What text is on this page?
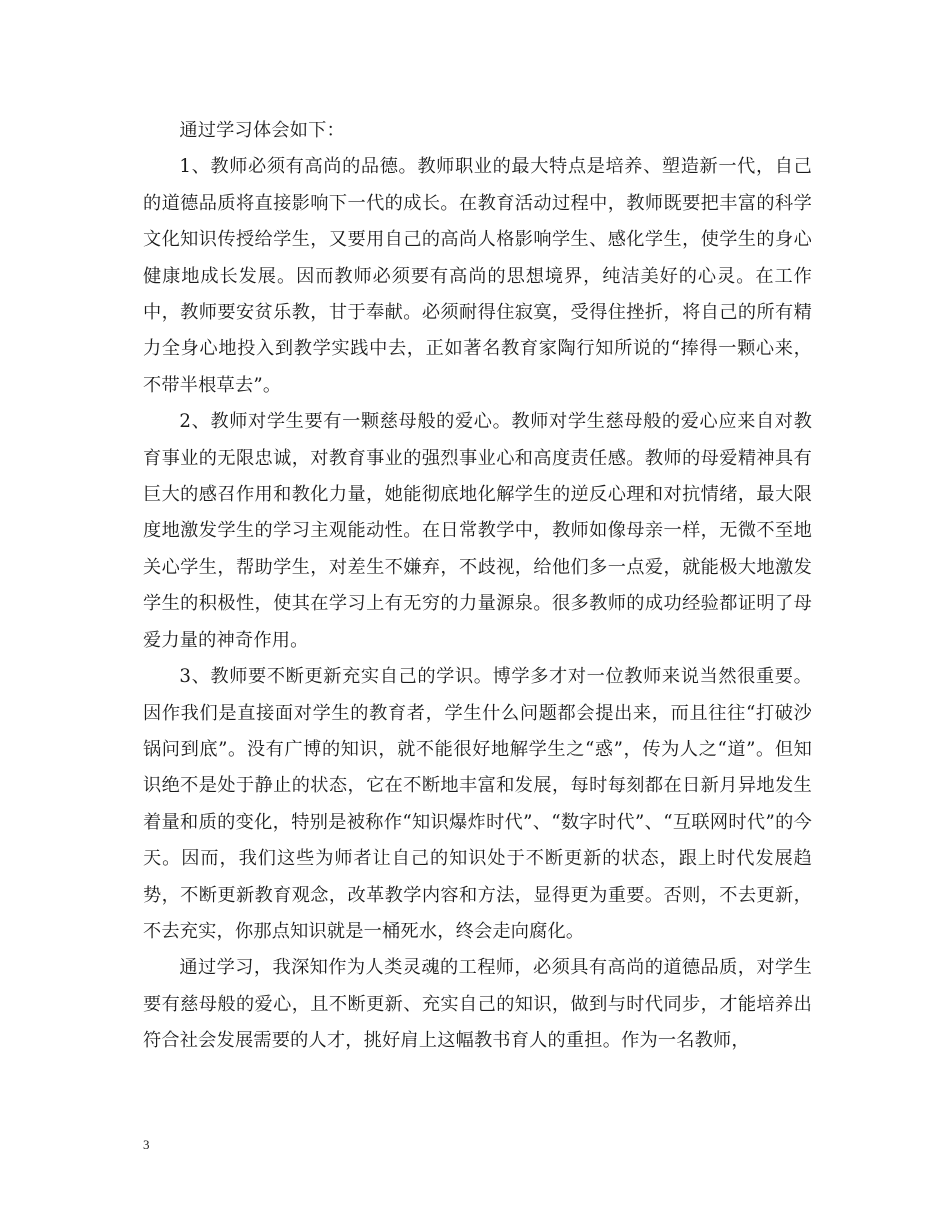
通过学习体会如下：

1、教师必须有高尚的品德。教师职业的最大特点是培养、塑造新一代，自己的道德品质将直接影响下一代的成长。在教育活动过程中，教师既要把丰富的科学文化知识传授给学生，又要用自己的高尚人格影响学生、感化学生，使学生的身心健康地成长发展。因而教师必须要有高尚的思想境界，纯洁美好的心灵。在工作中，教师要安贫乐教，甘于奉献。必须耐得住寂寞，受得住挫折，将自己的所有精力全身心地投入到教学实践中去，正如著名教育家陶行知所说的“捧得一颗心来，不带半根草去”。

2、教师对学生要有一颗慈母般的爱心。教师对学生慈母般的爱心应来自对教育事业的无限忠诚，对教育事业的强烈事业心和高度责任感。教师的母爱精神具有巨大的感召作用和教化力量，她能彻底地化解学生的逆反心理和对抗情绪，最大限度地激发学生的学习主观能动性。在日常教学中，教师如像母亲一样，无微不至地关心学生，帮助学生，对差生不嫌弃，不歧视，给他们多一点爱，就能极大地激发学生的积极性，使其在学习上有无穷的力量源泉。很多教师的成功经验都证明了母爱力量的神奇作用。

3、教师要不断更新充实自己的学识。博学多才对一位教师来说当然很重要。因作我们是直接面对学生的教育者，学生什么问题都会提出来，而且往往“打破沙锅问到底”。没有广博的知识，就不能很好地解学生之“惑”，传为人之“道”。但知识绝不是处于静止的状态，它在不断地丰富和发展，每时每刻都在日新月异地发生着量和质的变化，特别是被称作“知识爆炸时代”、“数字时代”、“互联网时代”的今天。因而，我们这些为师者让自己的知识处于不断更新的状态，跟上时代发展趋势，不断更新教育观念，改革教学内容和方法，显得更为重要。否则，不去更新，不去充实，你那点知识就是一桶死水，终会走向腐化。

通过学习，我深知作为人类灵魂的工程师，必须具有高尚的道德品质，对学生要有慈母般的爱心，且不断更新、充实自己的知识，做到与时代同步，才能培养出符合社会发展需要的人才，挑好肩上这幅教书育人的重担。作为一名教师，

3
